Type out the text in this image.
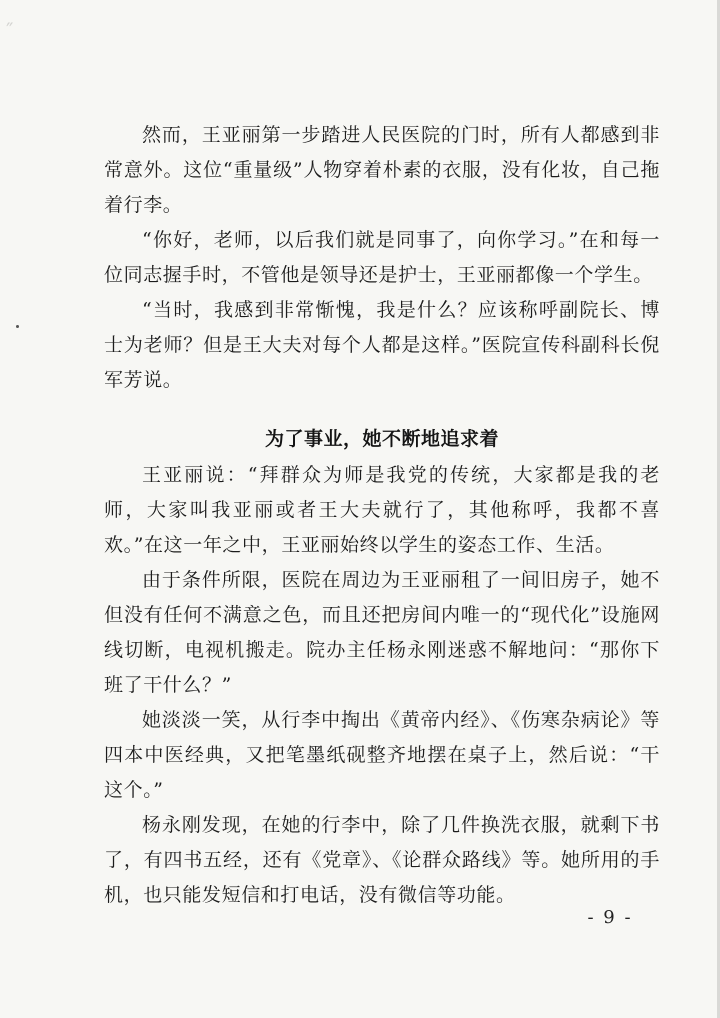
″

然而，王亚丽第一步踏进人民医院的门时，所有人都感到非常意外。这位“重量级”人物穿着朴素的衣服，没有化妆，自己拖着行李。

“你好，老师，以后我们就是同事了，向你学习。”在和每一位同志握手时，不管他是领导还是护士，王亚丽都像一个学生。

“当时，我感到非常惭愧，我是什么？应该称呼副院长、博士为老师？但是王大夫对每个人都是这样。”医院宣传科副科长倪军芳说。

为了事业，她不断地追求着

王亚丽说：“拜群众为师是我党的传统，大家都是我的老师，大家叫我亚丽或者王大夫就行了，其他称呼，我都不喜欢。”在这一年之中，王亚丽始终以学生的姿态工作、生活。

由于条件所限，医院在周边为王亚丽租了一间旧房子，她不但没有任何不满意之色，而且还把房间内唯一的“现代化”设施网线切断，电视机搬走。院办主任杨永刚迷惑不解地问：“那你下班了干什么？”

她淡淡一笑，从行李中掏出《黄帝内经》、《伤寒杂病论》等四本中医经典，又把笔墨纸砚整齐地摆在桌子上，然后说：“干这个。”

杨永刚发现，在她的行李中，除了几件换洗衣服，就剩下书了，有四书五经，还有《党章》、《论群众路线》等。她所用的手机，也只能发短信和打电话，没有微信等功能。

- 9 -
